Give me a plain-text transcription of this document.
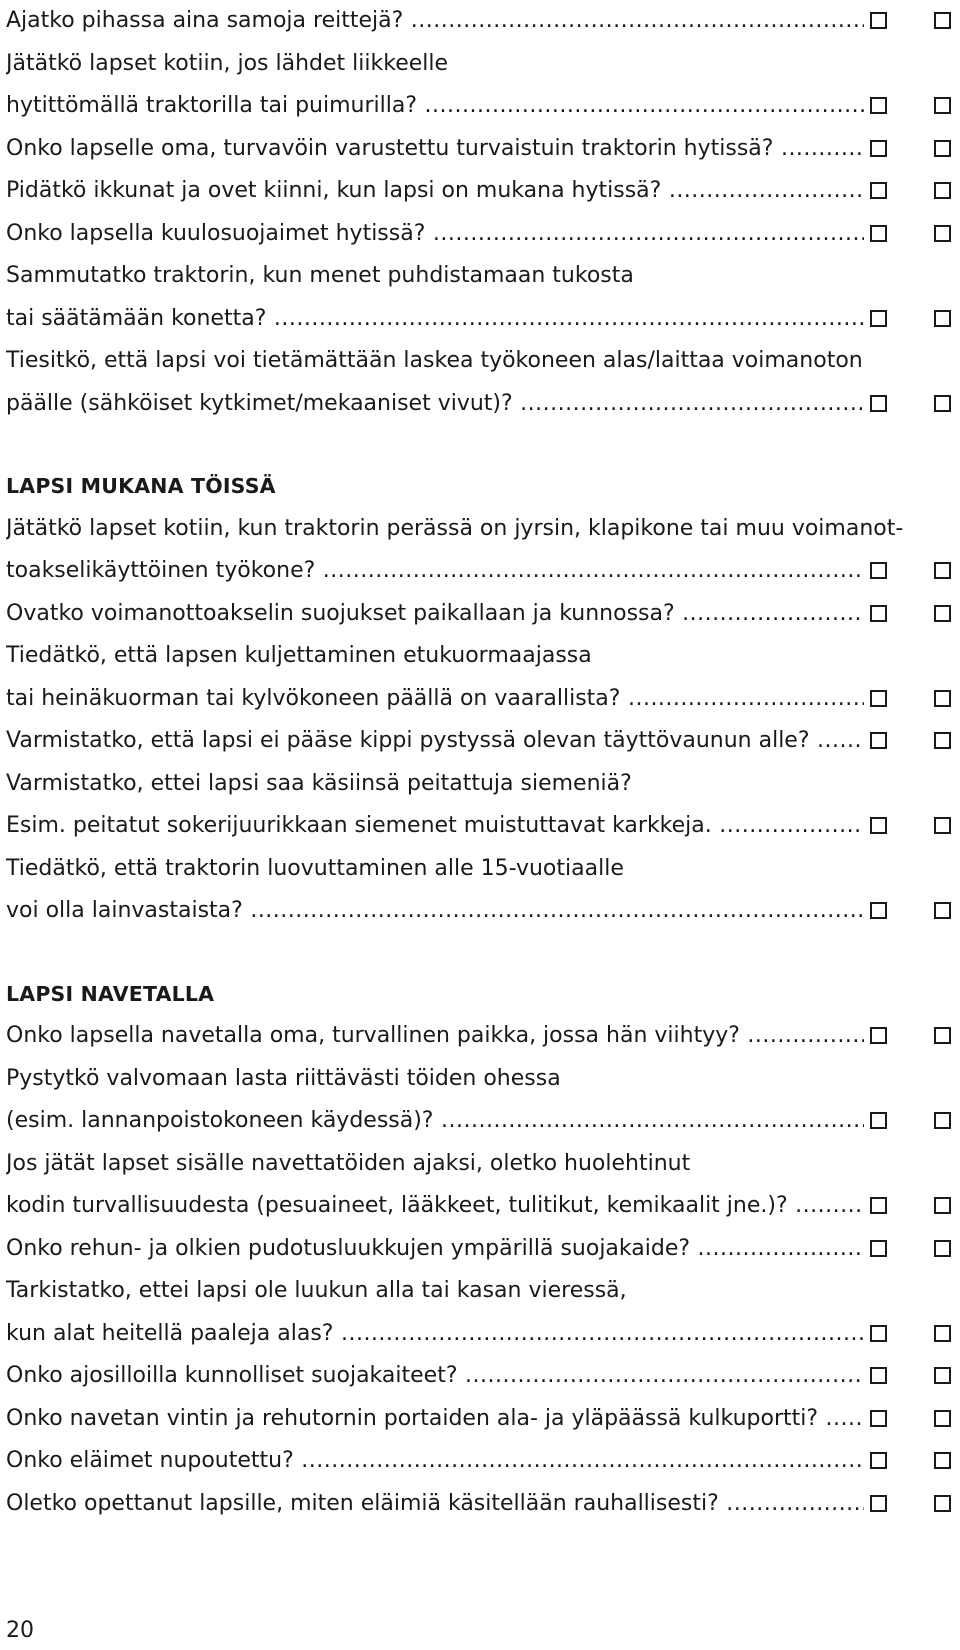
Ajatko pihassa aina samoja reittejä? .....
Jätätkö lapset kotiin, jos lähdet liikkeelle
hytittömällä traktorilla tai puimurilla? .....
Onko lapselle oma, turvavöin varustettu turvaistuin traktorin hytissä? .....
Pidätkö ikkunat ja ovet kiinni, kun lapsi on mukana hytissä? .....
Onko lapsella kuulosuojaimet hytissä? .....
Sammutatko traktorin, kun menet puhdistamaan tukosta
tai säätämään konetta? .....
Tiesitkö, että lapsi voi tietämättään laskea työkoneen alas/laittaa voimanoton
päälle (sähköiset kytkimet/mekaaniset vivut)? .....
LAPSI MUKANA TÖISSÄ
Jätätkö lapset kotiin, kun traktorin perässä on jyrsin, klapikone tai muu voimanot-
toakselikäyttöinen työkone? .....
Ovatko voimanottoakselin suojukset paikallaan ja kunnossa? .....
Tiedätkö, että lapsen kuljettaminen etukuormaajassa
tai heinäkuorman tai kylvökoneen päällä on vaarallista? .....
Varmistatko, että lapsi ei pääse kippi pystyssä olevan täyttövaunun alle? .....
Varmistatko, ettei lapsi saa käsiinsä peitattuja siemeniä?
Esim. peitatut sokerijuurikkaan siemenet muistuttavat karkkeja. .....
Tiedätkö, että traktorin luovuttaminen alle 15-vuotiaalle
voi olla lainvastaista? .....
LAPSI NAVETALLA
Onko lapsella navetalla oma, turvallinen paikka, jossa hän viihtyy? .....
Pystytkö valvomaan lasta riittävästi töiden ohessa
(esim. lannanpoistokoneen käydessä)? .....
Jos jätät lapset sisälle navettatöiden ajaksi, oletko huolehtinut
kodin turvallisuudesta (pesuaineet, lääkkeet, tulitikut, kemikaalit jne.)? .....
Onko rehun- ja olkien pudotusluukkujen ympärillä suojakaide? .....
Tarkistatko, ettei lapsi ole luukun alla tai kasan vieressä,
kun alat heitellä paaleja alas? .....
Onko ajosilloilla kunnolliset suojakaiteet? .....
Onko navetan vintin ja rehutornin portaiden ala- ja yläpäässä kulkuportti? .....
Onko eläimet nupoutettu? .....
Oletko opettanut lapsille, miten eläimiä käsitellään rauhallisesti? .....
20
